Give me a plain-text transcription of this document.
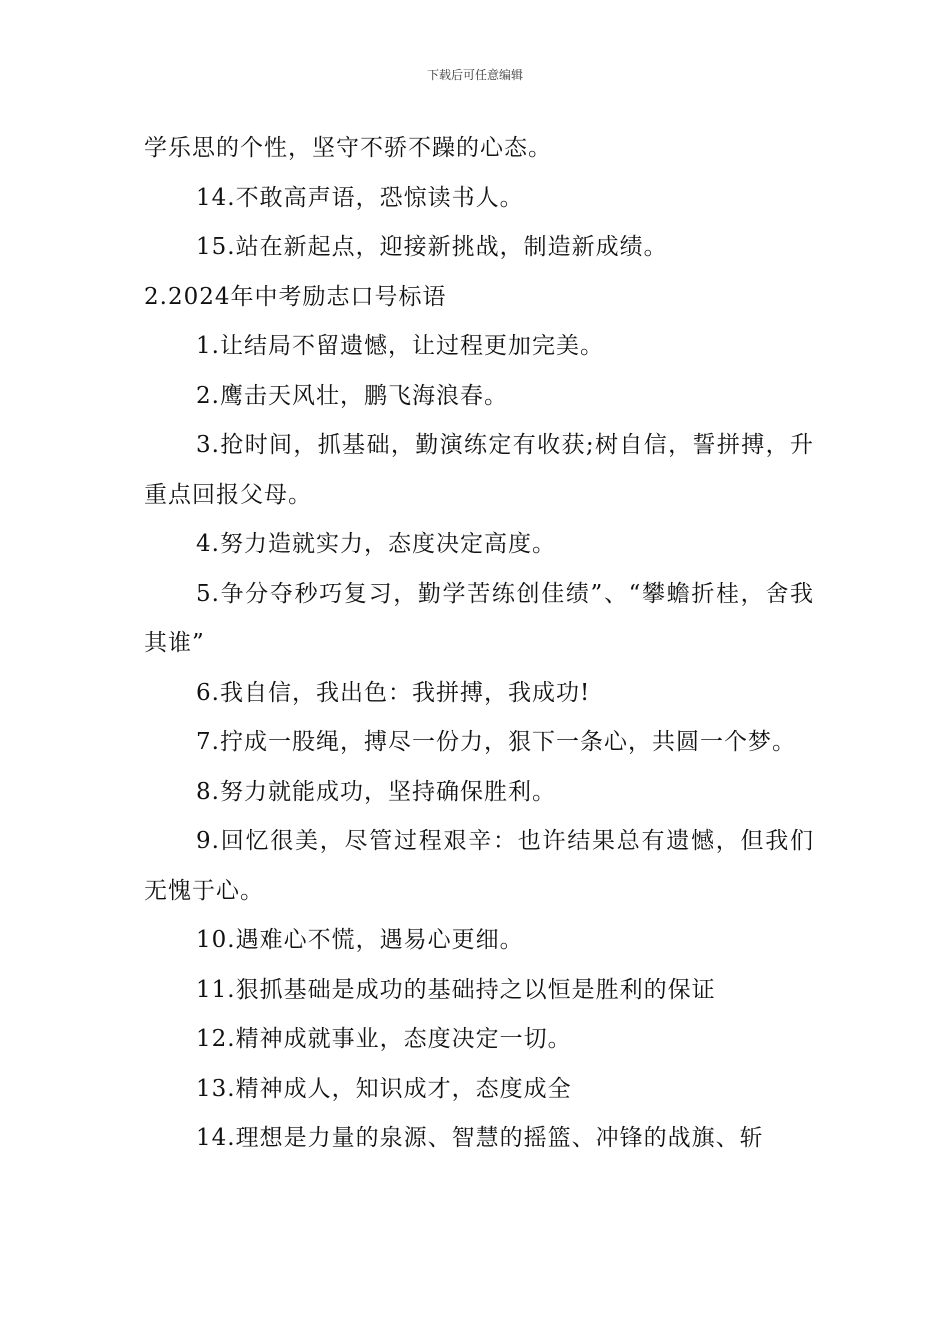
下载后可任意编辑

学乐思的个性，坚守不骄不躁的心态。

14.不敢高声语，恐惊读书人。

15.站在新起点，迎接新挑战，制造新成绩。

2.2024年中考励志口号标语

1.让结局不留遗憾，让过程更加完美。

2.鹰击天风壮，鹏飞海浪春。

3.抢时间，抓基础，勤演练定有收获;树自信，誓拼搏，升重点回报父母。

4.努力造就实力，态度决定高度。

5.争分夺秒巧复习，勤学苦练创佳绩”、“攀蟾折桂，舍我其谁”

6.我自信，我出色：我拼搏，我成功!

7.拧成一股绳，搏尽一份力，狠下一条心，共圆一个梦。

8.努力就能成功，坚持确保胜利。

9.回忆很美，尽管过程艰辛：也许结果总有遗憾，但我们无愧于心。

10.遇难心不慌，遇易心更细。

11.狠抓基础是成功的基础持之以恒是胜利的保证

12.精神成就事业，态度决定一切。

13.精神成人，知识成才，态度成全

14.理想是力量的泉源、智慧的摇篮、冲锋的战旗、斩
